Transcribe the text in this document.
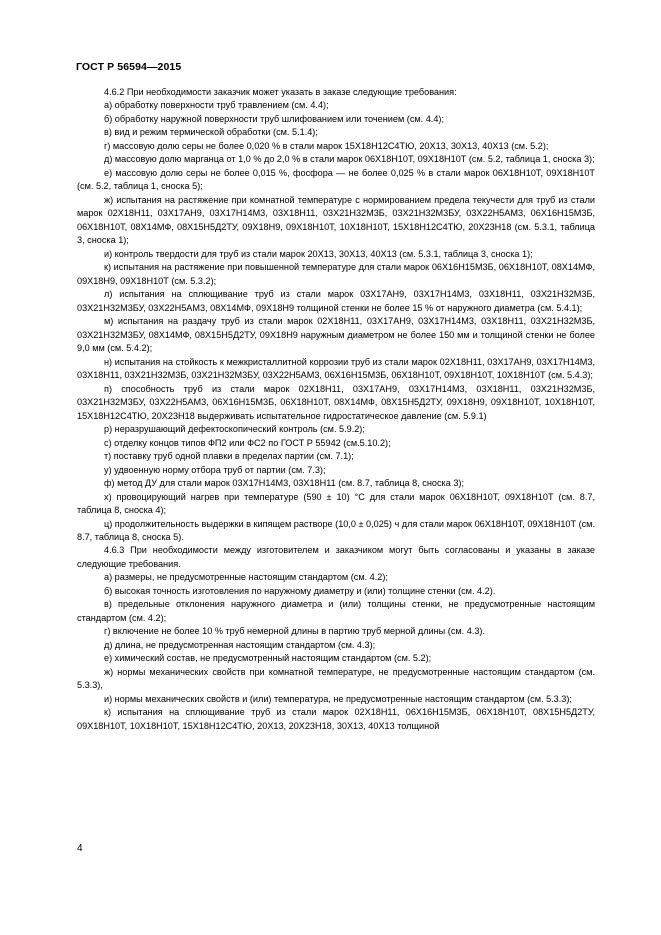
ГОСТ Р 56594—2015

4.6.2 При необходимости заказчик может указать в заказе следующие требования:

а) обработку поверхности труб травлением (см. 4.4);

б) обработку наружной поверхности труб шлифованием или точением (см. 4.4);

в) вид и режим термической обработки (см. 5.1.4);

г) массовую долю серы не более 0,020 % в стали марок 15Х18Н12С4ТЮ, 20Х13, 30Х13, 40Х13 (см. 5.2);

д) массовую долю марганца от 1,0 % до 2,0 % в стали марок 06Х18Н10Т, 09Х18Н10Т (см. 5.2, таблица 1, сноска 3);

е) массовую долю серы не более 0,015 %, фосфора — не более 0,025 % в стали марок 06Х18Н10Т, 09Х18Н10Т (см. 5.2, таблица 1, сноска 5);

ж) испытания на растяжение при комнатной температуре с нормированием предела текучести для труб из стали марок 02Х18Н11, 03Х17АН9, 03Х17Н14М3, 03Х18Н11, 03Х21Н32М3Б, 03Х21Н32М3БУ, 03Х22Н5АМ3, 06Х16Н15М3Б, 06Х18Н10Т, 08Х14МФ, 08Х15Н5Д2ТУ, 09Х18Н9, 09Х18Н10Т, 10Х18Н10Т, 15Х18Н12С4ТЮ, 20Х23Н18 (см. 5.3.1, таблица 3, сноска 1);

и) контроль твердости для труб из стали марок 20Х13, 30Х13, 40Х13 (см. 5.3.1, таблица 3, сноска 1);

к) испытания на растяжение при повышенной температуре для стали марок 06Х16Н15М3Б, 06Х18Н10Т, 08Х14МФ, 09Х18Н9, 09Х18Н10Т (см. 5.3.2);

л) испытания на сплющивание труб из стали марок 03Х17АН9, 03Х17Н14М3, 03Х18Н11, 03Х21Н32М3Б, 03Х21Н32М3БУ, 03Х22Н5АМ3, 08Х14МФ, 09Х18Н9 толщиной стенки не более 15 % от наружного диаметра (см. 5.4.1);

м) испытания на раздачу труб из стали марок 02Х18Н11, 03Х17АН9, 03Х17Н14М3, 03Х18Н11, 03Х21Н32М3Б, 03Х21Н32М3БУ, 08Х14МФ, 08Х15Н5Д2ТУ, 09Х18Н9 наружным диаметром не более 150 мм и толщиной стенки не более 9,0 мм (см. 5.4.2);

н) испытания на стойкость к межкристаллитной коррозии труб из стали марок 02Х18Н11, 03Х17АН9, 03Х17Н14М3, 03Х18Н11, 03Х21Н32М3Б, 03Х21Н32М3БУ, 03Х22Н5АМ3, 06Х16Н15М3Б, 06Х18Н10Т, 09Х18Н10Т, 10Х18Н10Т (см. 5.4.3);

п) способность труб из стали марок 02Х18Н11, 03Х17АН9, 03Х17Н14М3, 03Х18Н11, 03Х21Н32М3Б, 03Х21Н32М3БУ, 03Х22Н5АМ3, 06Х16Н15М3Б, 06Х18Н10Т, 08Х14МФ, 08Х15Н5Д2ТУ, 09Х18Н9, 09Х18Н10Т, 10Х18Н10Т, 15Х18Н12С4ТЮ, 20Х23Н18 выдерживать испытательное гидростатическое давление (см. 5.9.1)

р) неразрушающий дефектоскопический контроль (см. 5.9.2);

с) отделку концов типов ФП2 или ФС2 по ГОСТ Р 55942 (см.5.10.2);

т) поставку труб одной плавки в пределах партии (см. 7.1);

у) удвоенную норму отбора труб от партии (см. 7.3);

ф) метод ДУ для стали марок 03Х17Н14М3, 03Х18Н11 (см. 8.7, таблица 8, сноска 3);

х) провоцирующий нагрев при температуре (590 ± 10) °С для стали марок 06Х18Н10Т, 09Х18Н10Т (см. 8.7, таблица 8, сноска 4);

ц) продолжительность выдержки в кипящем растворе (10,0 ± 0,025) ч для стали марок 06Х18Н10Т, 09Х18Н10Т (см. 8.7, таблица 8, сноска 5).

4.6.3 При необходимости между изготовителем и заказчиком могут быть согласованы и указаны в заказе следующие требования.

а) размеры, не предусмотренные настоящим стандартом (см. 4.2);

б) высокая точность изготовления по наружному диаметру и (или) толщине стенки (см. 4.2).

в) предельные отклонения наружного диаметра и (или) толщины стенки, не предусмотренные настоящим стандартом (см. 4.2);

г) включение не более 10 % труб немерной длины в партию труб мерной длины (см. 4.3).

д) длина, не предусмотренная настоящим стандартом (см. 4.3);

е) химический состав, не предусмотренный настоящим стандартом (см. 5.2);

ж) нормы механических свойств при комнатной температуре, не предусмотренные настоящим стандартом (см. 5.3.3),

и) нормы механических свойств и (или) температура, не предусмотренные настоящим стандартом (см. 5.3.3);

к) испытания на сплющивание труб из стали марок 02Х18Н11, 06Х16Н15М3Б, 06Х18Н10Т, 08Х15Н5Д2ТУ, 09Х18Н10Т, 10Х18Н10Т, 15Х18Н12С4ТЮ, 20Х13, 20Х23Н18, 30Х13, 40Х13 толщиной

4
